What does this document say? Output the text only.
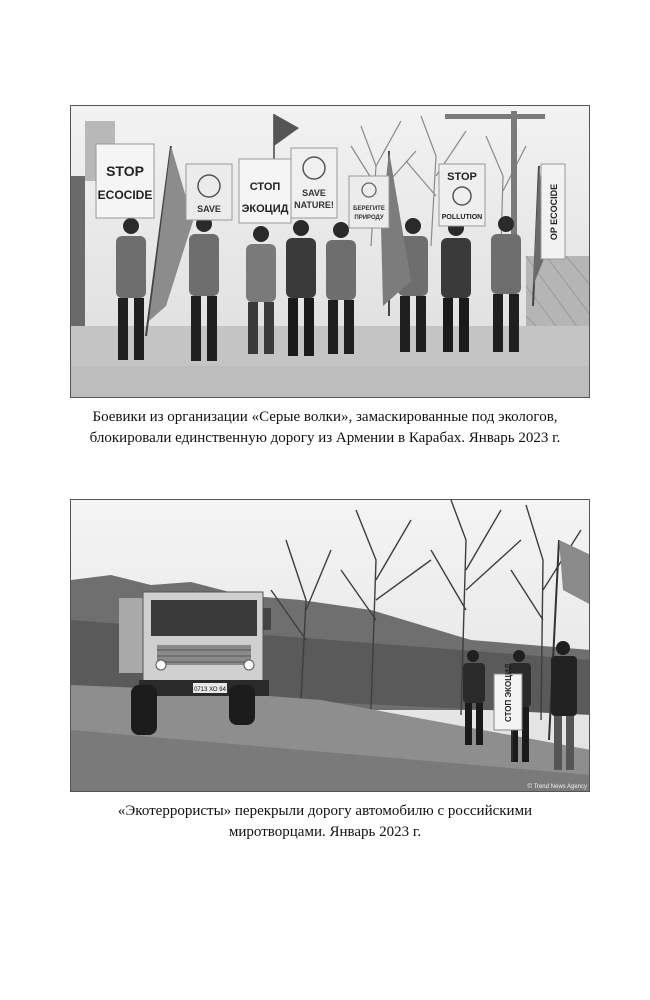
STOP
ECOCIDE
SAVE
СТОП
ЭКОЦИД
SAVE
NATURE!	БЕРЕГИТЕ
ПРИРОДУ
STOP
POLLUTION	OP ECOCIDE
Боевики из организации «Серые волки», замаскированные под экологов,
блокировали единственную дорогу из Армении в Карабах. Январь 2023 г.
0713 ХО 94	СТОП ЭКОЦИД
© Trend News Agency
«Экотеррористы» перекрыли дорогу автомобилю с российскими
миротворцами. Январь 2023 г.
